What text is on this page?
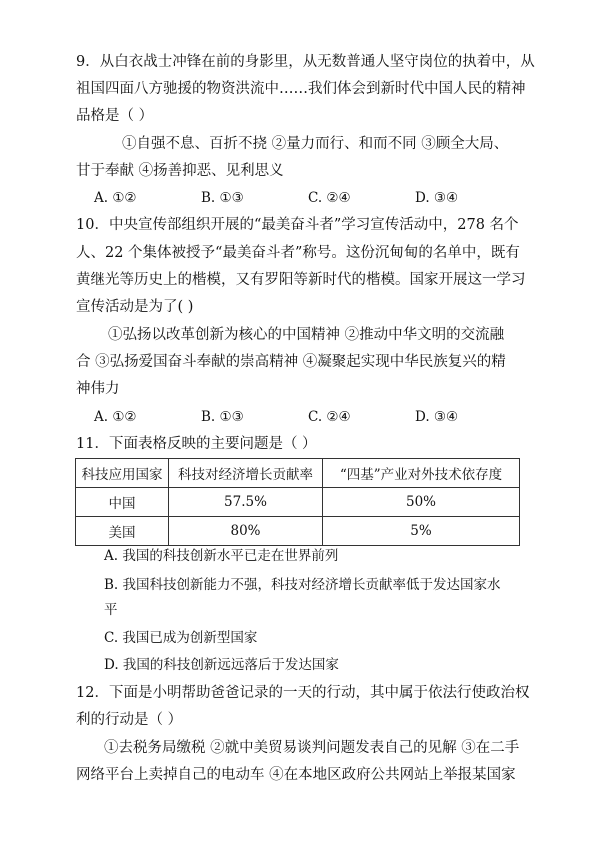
9．从白衣战士冲锋在前的身影里，从无数普通人坚守岗位的执着中，从
祖国四面八方驰援的物资洪流中……我们体会到新时代中国人民的精神
品格是（ ）
①自强不息、百折不挠 ②量力而行、和而不同 ③顾全大局、
甘于奉献 ④扬善抑恶、见利思义
A. ①②	B. ①③	C. ②④	D. ③④
10．中央宣传部组织开展的“最美奋斗者”学习宣传活动中，278 名个
人、22 个集体被授予“最美奋斗者”称号。这份沉甸甸的名单中，既有
黄继光等历史上的楷模，又有罗阳等新时代的楷模。国家开展这一学习
宣传活动是为了( )
①弘扬以改革创新为核心的中国精神 ②推动中华文明的交流融
合 ③弘扬爱国奋斗奉献的崇高精神 ④凝聚起实现中华民族复兴的精
神伟力
A. ①②	B. ①③	C. ②④	D. ③④
11．下面表格反映的主要问题是（ ）
科技应用国家	科技对经济增长贡献率	“四基”产业对外技术依存度
中国	57.5%	50%
美国	80%	5%
A. 我国的科技创新水平已走在世界前列
B. 我国科技创新能力不强，科技对经济增长贡献率低于发达国家水
平
C. 我国已成为创新型国家
D. 我国的科技创新远远落后于发达国家
12．下面是小明帮助爸爸记录的一天的行动，其中属于依法行使政治权
利的行动是（ ）
①去税务局缴税 ②就中美贸易谈判问题发表自己的见解 ③在二手
网络平台上卖掉自己的电动车 ④在本地区政府公共网站上举报某国家
